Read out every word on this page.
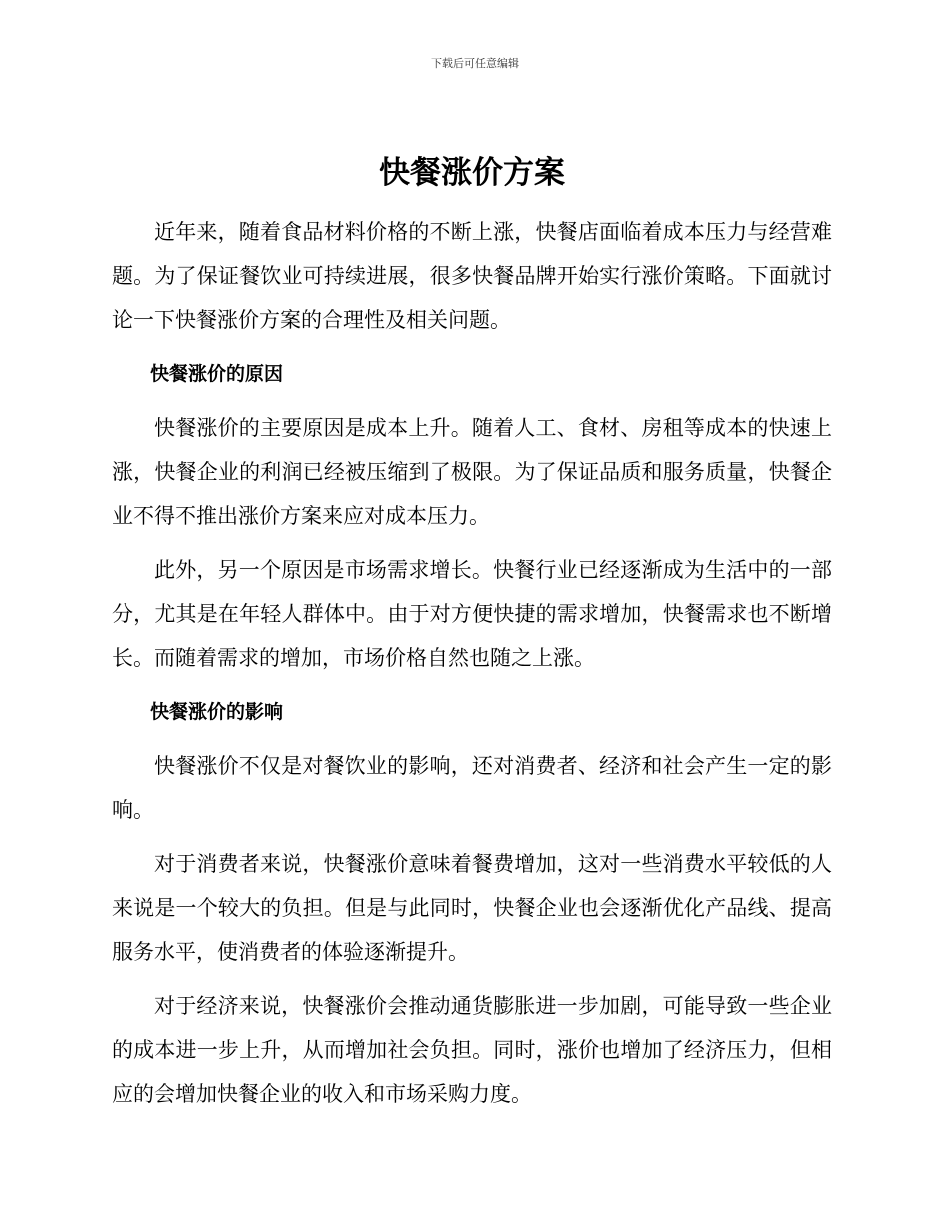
下载后可任意编辑
快餐涨价方案

近年来，随着食品材料价格的不断上涨，快餐店面临着成本压力与经营难题。为了保证餐饮业可持续进展，很多快餐品牌开始实行涨价策略。下面就讨论一下快餐涨价方案的合理性及相关问题。

快餐涨价的原因

快餐涨价的主要原因是成本上升。随着人工、食材、房租等成本的快速上涨，快餐企业的利润已经被压缩到了极限。为了保证品质和服务质量，快餐企业不得不推出涨价方案来应对成本压力。

此外，另一个原因是市场需求增长。快餐行业已经逐渐成为生活中的一部分，尤其是在年轻人群体中。由于对方便快捷的需求增加，快餐需求也不断增长。而随着需求的增加，市场价格自然也随之上涨。

快餐涨价的影响

快餐涨价不仅是对餐饮业的影响，还对消费者、经济和社会产生一定的影响。

对于消费者来说，快餐涨价意味着餐费增加，这对一些消费水平较低的人来说是一个较大的负担。但是与此同时，快餐企业也会逐渐优化产品线、提高服务水平，使消费者的体验逐渐提升。

对于经济来说，快餐涨价会推动通货膨胀进一步加剧，可能导致一些企业的成本进一步上升，从而增加社会负担。同时，涨价也增加了经济压力，但相应的会增加快餐企业的收入和市场采购力度。
